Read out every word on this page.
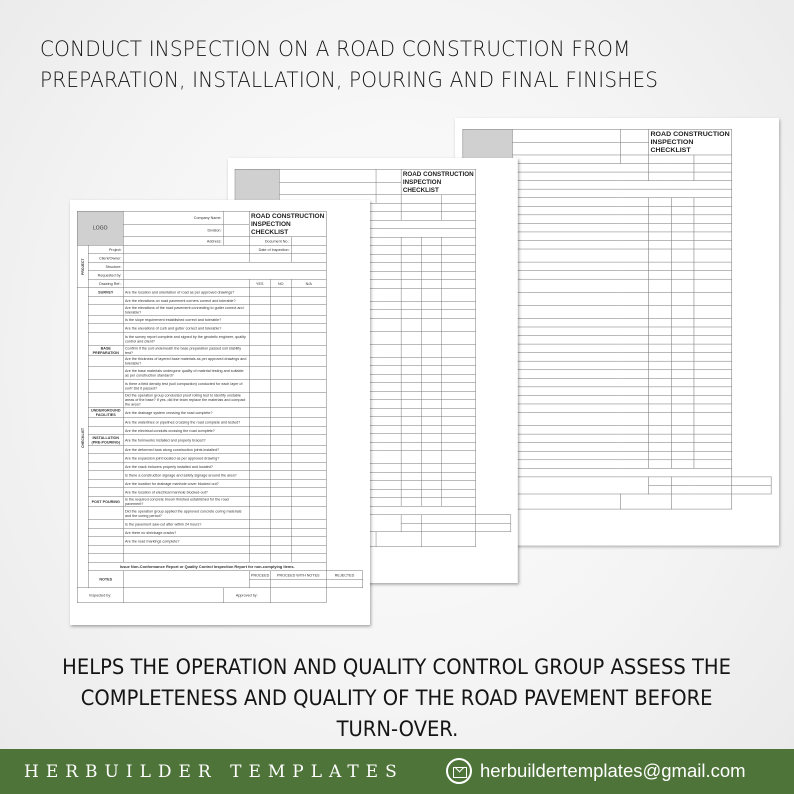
CONDUCT INSPECTION ON A ROAD CONSTRUCTION FROM
PREPARATION, INSTALLATION, POURING AND FINAL FINISHES
				ROAD CONSTRUCTION INSPECTION CHECKLIST			

				ROAD CONSTRUCTION INSPECTION CHECKLIST			

LOGO		Company Name:		ROAD CONSTRUCTION INSPECTION CHECKLIST			
		Division:					
		Address:		Document No.:			
PROJECT	Project:			Date of Inspection:			
	Client/Owner:						
	Structure:						
	Requested by:						
	Drawing Ref.:			YES	NO	N/A	
CHECKLIST	SURVEY	Are the location and orientation of road as per approved drawings?					
		Are the elevations on road pavement corners correct and tolerable?					
		Are the elevations of the road pavement connecting to gutter correct and tolerable?					
		Is the slope requirement established correct and tolerable?					
		Are the elevations of curb and gutter correct and tolerable?					
		Is the survey report complete and signed by the geodetic engineer, quality control and client?					
	BASE PREPARATION	Confirm if the soil underneath the base preparation passed soil stability test?					
		Are the thickness of layered base materials as per approved drawings and tolerable?					
		Are the base materials undergone quality of material testing and suitable as per construction standard?					
		Is there a field density test (soil compaction) conducted for each layer of soil? Did it passed?					
		Did the operation group conducted proof rolling test to identify unstable areas of the base? If yes, did the team replace the materials and compact the area?					
	UNDERGROUND FACILITIES	Are the drainage system crossing the road complete?					
		Are the waterlines or pipelines crossing the road complete and tested?					
		Are the electrical conduits crossing the road complete?					
	INSTALLATION (PRE-POURING)	Are the formworks installed and properly braced?					
		Are the deformed bars along construction joints installed?					
		Are the expansion joint located as per approved drawing?					
		Are the crack inducers properly installed and located?					
		Is there a construction signage and safety signage around the area?					
		Are the location for drainage manhole cover blocked out?					
		Are the location of electrical manhole blocked-out?					
	POST POURING	Is the required concrete broom finished established for the road pavement?					
		Did the operation group applied the approved concrete curing materials and the curing period?					
		Is the pavement saw-cut after within 24 hours?					
		Are there no shrinkage cracks?					
		Are the road markings complete?					

	Issue Non-Conformance Report or Quality Control Inspection Report for non-complying items.						
	NOTES			PROCEED	PROCEED WITH NOTES		REJECTED

Inspected by:			Approved by:				
HELPS THE OPERATION AND QUALITY CONTROL GROUP ASSESS THE
COMPLETENESS AND QUALITY OF THE ROAD PAVEMENT BEFORE
TURN-OVER.
HERBUILDER TEMPLATES	herbuildertemplates@gmail.com
